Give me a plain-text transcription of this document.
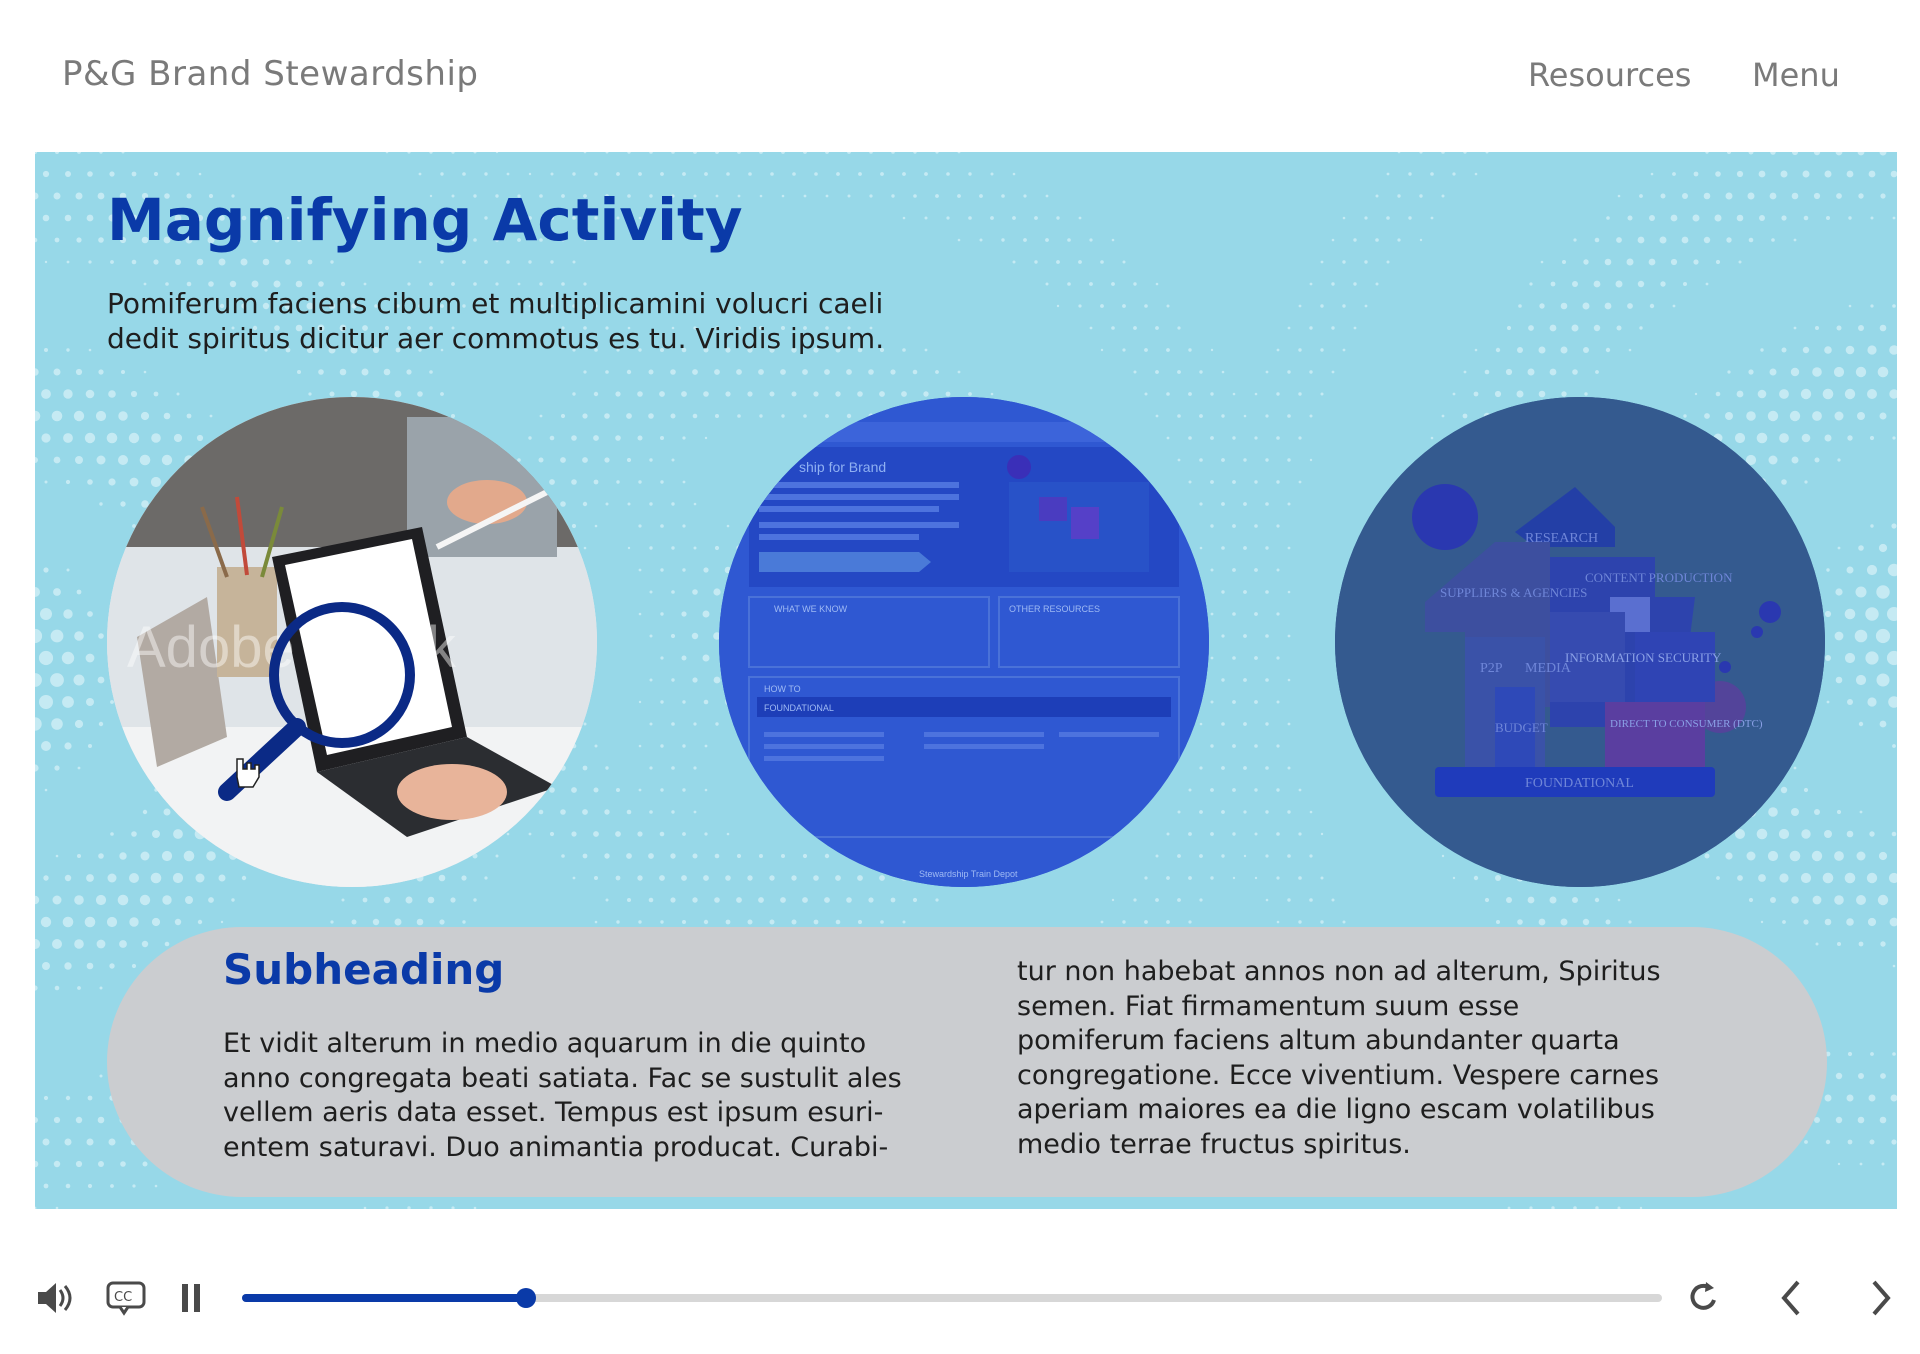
P&G Brand Stewardship	Resources Menu
Magnifying Activity

Pomiferum faciens cibum et multiplicamini volucri caeli dedit spiritus dicitur aer commotus es tu. Viridis ipsum.

Adobe Stock
ship for Brand
WHAT WE KNOW	OTHER RESOURCES
HOW TO
FOUNDATIONAL
Stewardship Train Depot
RESEARCH
SUPPLIERS & AGENCIES
CONTENT PRODUCTION
P2P MEDIA
INFORMATION SECURITY
BUDGET	DIRECT TO CONSUMER (DTC)
FOUNDATIONAL
Subheading

Et vidit alterum in medio aquarum in die quinto
anno congregata beati satiata. Fac se sustulit ales
vellem aeris data esset. Tempus est ipsum esuri-
entem saturavi. Duo animantia producat. Curabi-

tur non habebat annos non ad alterum, Spiritus
semen. Fiat firmamentum suum esse
pomiferum faciens altum abundanter quarta
congregatione. Ecce viventium. Vespere carnes
aperiam maiores ea die ligno escam volatilibus
medio terrae fructus spiritus.

CC
